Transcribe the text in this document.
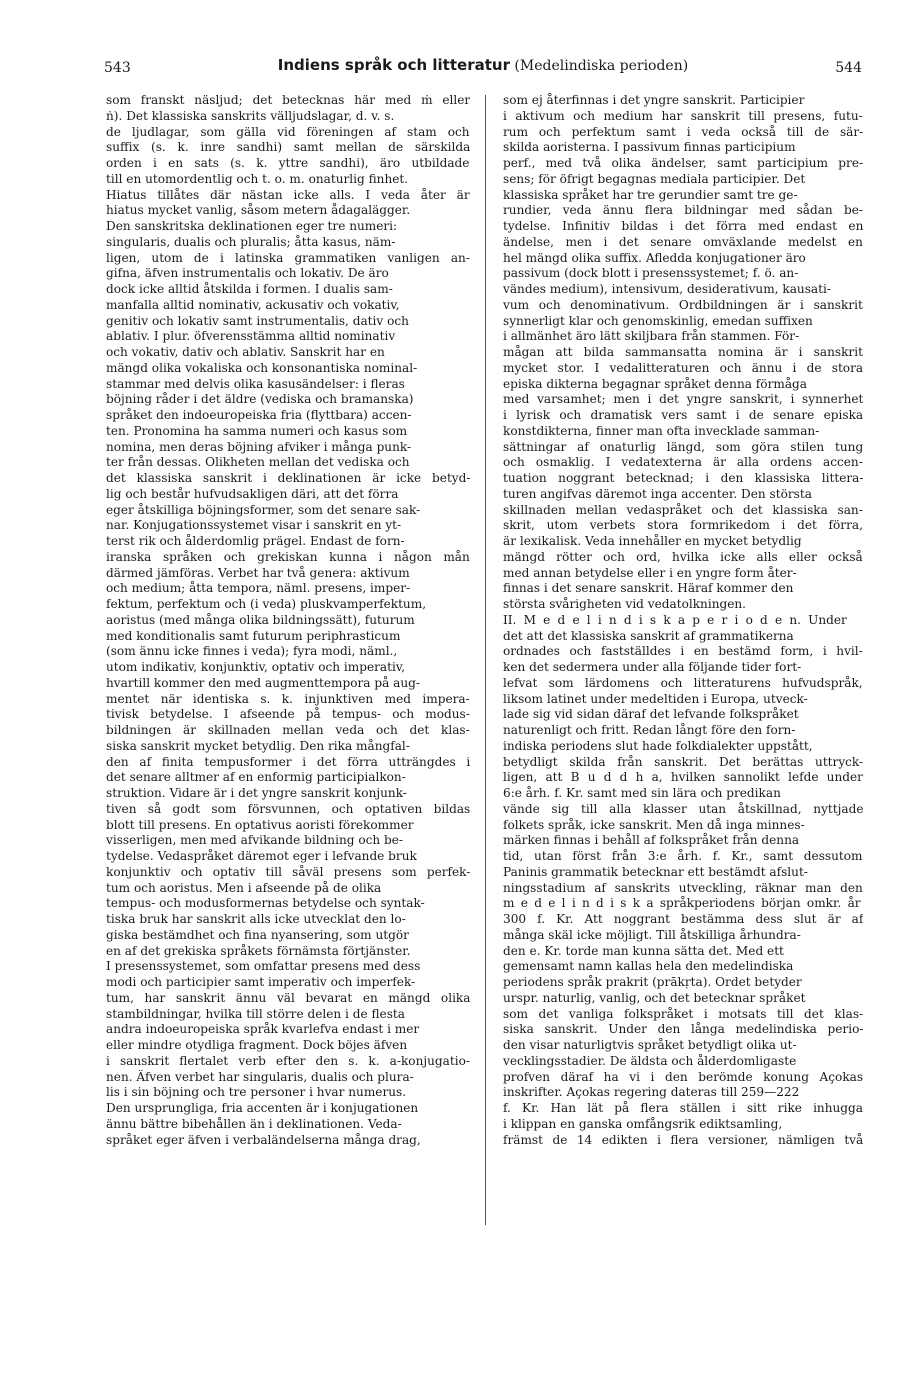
543	Indiens språk och litteratur (Medelindiska perioden)	544
som franskt näsljud; det betecknas här med ṁ eller
ṅ). Det klassiska sanskrits välljudslagar, d. v. s.
de ljudlagar, som gälla vid föreningen af stam och
suffix (s. k. inre sandhi) samt mellan de särskilda
orden i en sats (s. k. yttre sandhi), äro utbildade
till en utomordentlig och t. o. m. onaturlig finhet.
Hiatus tillåtes där nästan icke alls. I veda åter är
hiatus mycket vanlig, såsom metern ådagalägger.
Den sanskritska deklinationen eger tre numeri:
singularis, dualis och pluralis; åtta kasus, näm-
ligen, utom de i latinska grammatiken vanligen an-
gifna, äfven instrumentalis och lokativ. De äro
dock icke alltid åtskilda i formen. I dualis sam-
manfalla alltid nominativ, ackusativ och vokativ,
genitiv och lokativ samt instrumentalis, dativ och
ablativ. I plur. öfverensstämma alltid nominativ
och vokativ, dativ och ablativ. Sanskrit har en
mängd olika vokaliska och konsonantiska nominal-
stammar med delvis olika kasusändelser: i fleras
böjning råder i det äldre (vediska och bramanska)
språket den indoeuropeiska fria (flyttbara) accen-
ten. Pronomina ha samma numeri och kasus som
nomina, men deras böjning afviker i många punk-
ter från dessas. Olikheten mellan det vediska och
det klassiska sanskrit i deklinationen är icke betyd-
lig och består hufvudsakligen däri, att det förra
eger åtskilliga böjningsformer, som det senare sak-
nar. Konjugationssystemet visar i sanskrit en yt-
terst rik och ålderdomlig prägel. Endast de forn-
iranska språken och grekiskan kunna i någon mån
därmed jämföras. Verbet har två genera: aktivum
och medium; åtta tempora, näml. presens, imper-
fektum, perfektum och (i veda) pluskvamperfektum,
aoristus (med många olika bildningssätt), futurum
med konditionalis samt futurum periphrasticum
(som ännu icke finnes i veda); fyra modi, näml.,
utom indikativ, konjunktiv, optativ och imperativ,
hvartill kommer den med augmenttempora på aug-
mentet när identiska s. k. injunktiven med impera-
tivisk betydelse. I afseende på tempus- och modus-
bildningen är skillnaden mellan veda och det klas-
siska sanskrit mycket betydlig. Den rika mångfal-
den af finita tempusformer i det förra utträngdes i
det senare alltmer af en enformig participialkon-
struktion. Vidare är i det yngre sanskrit konjunk-
tiven så godt som försvunnen, och optativen bildas
blott till presens. En optativus aoristi förekommer
visserligen, men med afvikande bildning och be-
tydelse. Vedaspråket däremot eger i lefvande bruk
konjunktiv och optativ till såväl presens som perfek-
tum och aoristus. Men i afseende på de olika
tempus- och modusformernas betydelse och syntak-
tiska bruk har sanskrit alls icke utvecklat den lo-
giska bestämdhet och fina nyansering, som utgör
en af det grekiska språkets förnämsta förtjänster.
I presenssystemet, som omfattar presens med dess
modi och participier samt imperativ och imperfek-
tum, har sanskrit ännu väl bevarat en mängd olika
stambildningar, hvilka till större delen i de flesta
andra indoeuropeiska språk kvarlefva endast i mer
eller mindre otydliga fragment. Dock böjes äfven
i sanskrit flertalet verb efter den s. k. a-konjugatio-
nen. Äfven verbet har singularis, dualis och plura-
lis i sin böjning och tre personer i hvar numerus.
Den ursprungliga, fria accenten är i konjugationen
ännu bättre bibehållen än i deklinationen. Veda-
språket eger äfven i verbaländelserna många drag,
som ej återfinnas i det yngre sanskrit. Participier
i aktivum och medium har sanskrit till presens, futu-
rum och perfektum samt i veda också till de sär-
skilda aoristerna. I passivum finnas participium
perf., med två olika ändelser, samt participium pre-
sens; för öfrigt begagnas mediala participier. Det
klassiska språket har tre gerundier samt tre ge-
rundier, veda ännu flera bildningar med sådan be-
tydelse. Infinitiv bildas i det förra med endast en
ändelse, men i det senare omväxlande medelst en
hel mängd olika suffix. Afledda konjugationer äro
passivum (dock blott i presenssystemet; f. ö. an-
vändes medium), intensivum, desiderativum, kausati-
vum och denominativum. Ordbildningen är i sanskrit
synnerligt klar och genomskinlig, emedan suffixen
i allmänhet äro lätt skiljbara från stammen. För-
mågan att bilda sammansatta nomina är i sanskrit
mycket stor. I vedalitteraturen och ännu i de stora
episka dikterna begagnar språket denna förmåga
med varsamhet; men i det yngre sanskrit, i synnerhet
i lyrisk och dramatisk vers samt i de senare episka
konstdikterna, finner man ofta invecklade samman-
sättningar af onaturlig längd, som göra stilen tung
och osmaklig. I vedatexterna är alla ordens accen-
tuation noggrant betecknad; i den klassiska littera-
turen angifvas däremot inga accenter. Den största
skillnaden mellan vedaspråket och det klassiska san-
skrit, utom verbets stora formrikedom i det förra,
är lexikalisk. Veda innehåller en mycket betydlig
mängd rötter och ord, hvilka icke alls eller också
med annan betydelse eller i en yngre form åter-
finnas i det senare sanskrit. Häraf kommer den
största svårigheten vid vedatolkningen.
II. M e d e l i n d i s k a p e r i o d e n. Under
det att det klassiska sanskrit af grammatikerna
ordnades och fastställdes i en bestämd form, i hvil-
ken det sedermera under alla följande tider fort-
lefvat som lärdomens och litteraturens hufvudspråk,
liksom latinet under medeltiden i Europa, utveck-
lade sig vid sidan däraf det lefvande folkspråket
naturenligt och fritt. Redan långt före den forn-
indiska periodens slut hade folkdialekter uppstått,
betydligt skilda från sanskrit. Det berättas uttryck-
ligen, att B u d d h a, hvilken sannolikt lefde under
6:e årh. f. Kr. samt med sin lära och predikan
vände sig till alla klasser utan åtskillnad, nyttjade
folkets språk, icke sanskrit. Men då inga minnes-
märken finnas i behåll af folkspråket från denna
tid, utan först från 3:e årh. f. Kr., samt dessutom
Paninis grammatik betecknar ett bestämdt afslut-
ningsstadium af sanskrits utveckling, räknar man den
m e d e l i n d i s k a språkperiodens början omkr. år
300 f. Kr. Att noggrant bestämma dess slut är af
många skäl icke möjligt. Till åtskilliga århundra-
den e. Kr. torde man kunna sätta det. Med ett
gemensamt namn kallas hela den medelindiska
periodens språk prakrit (prākṛta). Ordet betyder
urspr. naturlig, vanlig, och det betecknar språket
som det vanliga folkspråket i motsats till det klas-
siska sanskrit. Under den långa medelindiska perio-
den visar naturligtvis språket betydligt olika ut-
vecklingsstadier. De äldsta och ålderdomligaste
profven däraf ha vi i den berömde konung Açokas
inskrifter. Açokas regering dateras till 259—222
f. Kr. Han lät på flera ställen i sitt rike inhugga
i klippan en ganska omfångsrik ediktsamling,
främst de 14 edikten i flera versioner, nämligen två
